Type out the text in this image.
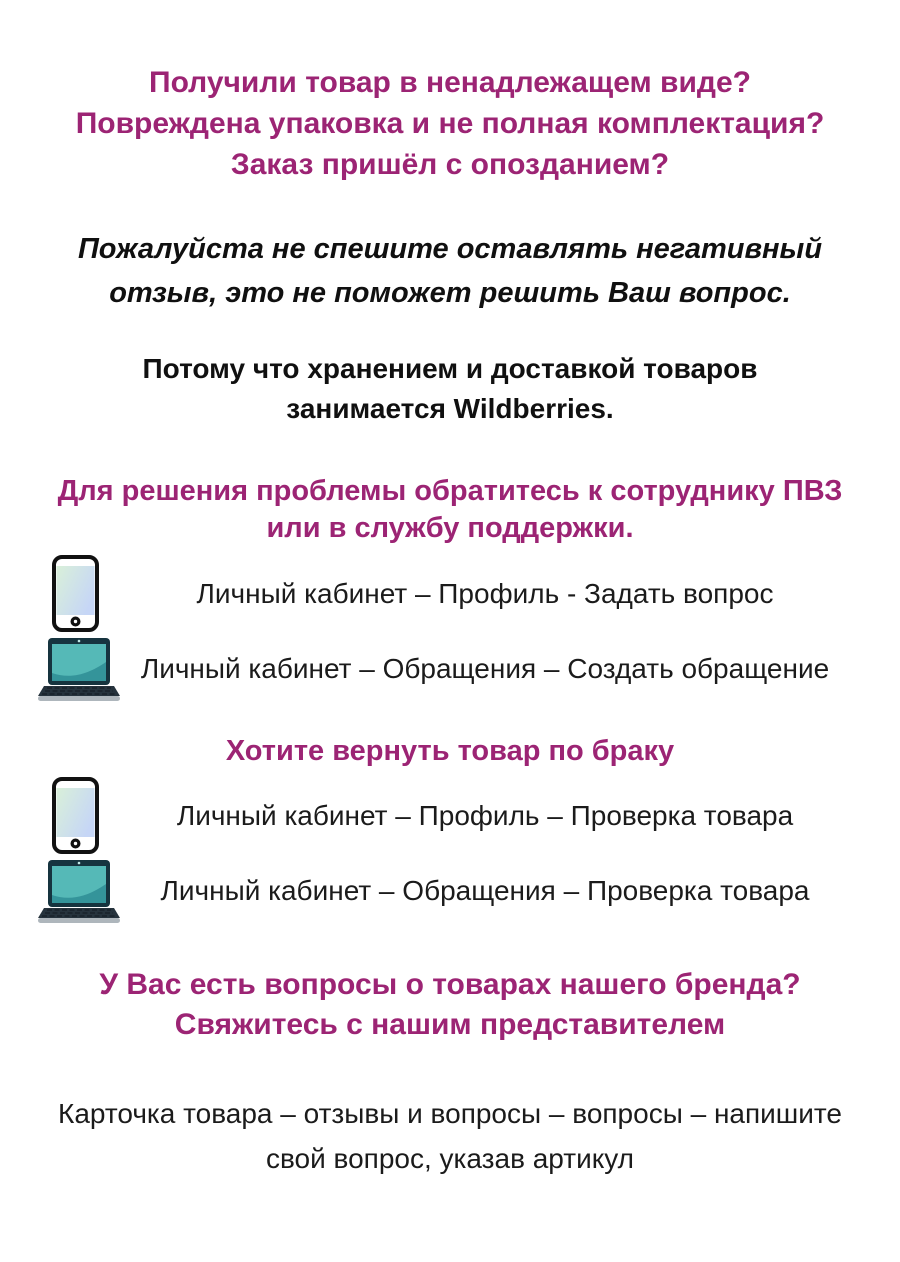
Получили товар в ненадлежащем виде?
Повреждена упаковка и не полная комплектация?
Заказ пришёл с опозданием?
Пожалуйста не спешите оставлять негативный
отзыв, это не поможет решить Ваш вопрос.
Потому что хранением и доставкой товаров
занимается Wildberries.
Для решения проблемы обратитесь к сотруднику ПВЗ
или в службу поддержки.
Личный кабинет – Профиль - Задать вопрос
Личный кабинет – Обращения – Создать обращение
Хотите вернуть товар по браку
Личный кабинет – Профиль – Проверка товара
Личный кабинет – Обращения – Проверка товара
У Вас есть вопросы о товарах нашего бренда?
Свяжитесь с нашим представителем
Карточка товара – отзывы и вопросы – вопросы – напишите
свой вопрос, указав артикул
